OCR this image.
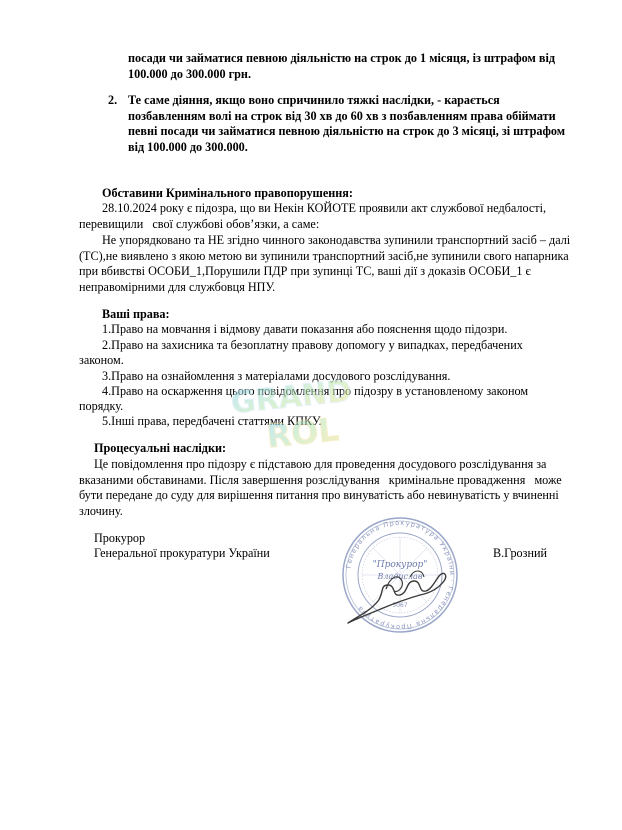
посади чи займатися певною діяльністю на строк до 1 місяця, із штрафом від
100.000 до 300.000 грн.
2. Те саме діяння, якщо воно спричинило тяжкі наслідки, - карається
позбавленням волі на строк від 30 хв до 60 хв з позбавленням права обіймати
певні посади чи займатися певною діяльністю на строк до 3 місяці, зі штрафом
від 100.000 до 300.000.
Обставини Кримінального правопорушення:
28.10.2024 року є підозра, що ви Некін КОЙОТЕ проявили акт службової недбалості,
перевищили   свої службові обов’язки, а саме:
Не упорядковано та НЕ згідно чинного законодавства зупинили транспортний засіб – далі
(ТС),не виявлено з якою метою ви зупинили транспортний засіб,не зупинили свого напарника
при вбивстві ОСОБИ_1,Порушили ПДР при зупинці ТС, ваші дії з доказів ОСОБИ_1 є
неправомірними для службовця НПУ.
Ваші права:
1.Право на мовчання і відмову давати показання або пояснення щодо підозри.
2.Право на захисника та безоплатну правову допомогу у випадках, передбачених
законом.
3.Право на ознайомлення з матеріалами досудового розслідування.
4.Право на оскарження цього повідомлення про підозру в установленому законом
порядку.
5.Інші права, передбачені статтями КПКУ.
Процесуальні наслідки:
Це повідомлення про підозру є підставою для проведення досудового розслідування за
вказаними обставинами. Після завершення розслідування   кримінальне провадження   може
бути передане до суду для вирішення питання про винуватість або невинуватість у вчиненні
злочину.
Прокурор
Генеральної прокуратури України	В.Грозний
GRAND
ROL
Генеральна Прокуратура України · Генеральна Прокуратура
"Прокурор"
Владислав
5067
